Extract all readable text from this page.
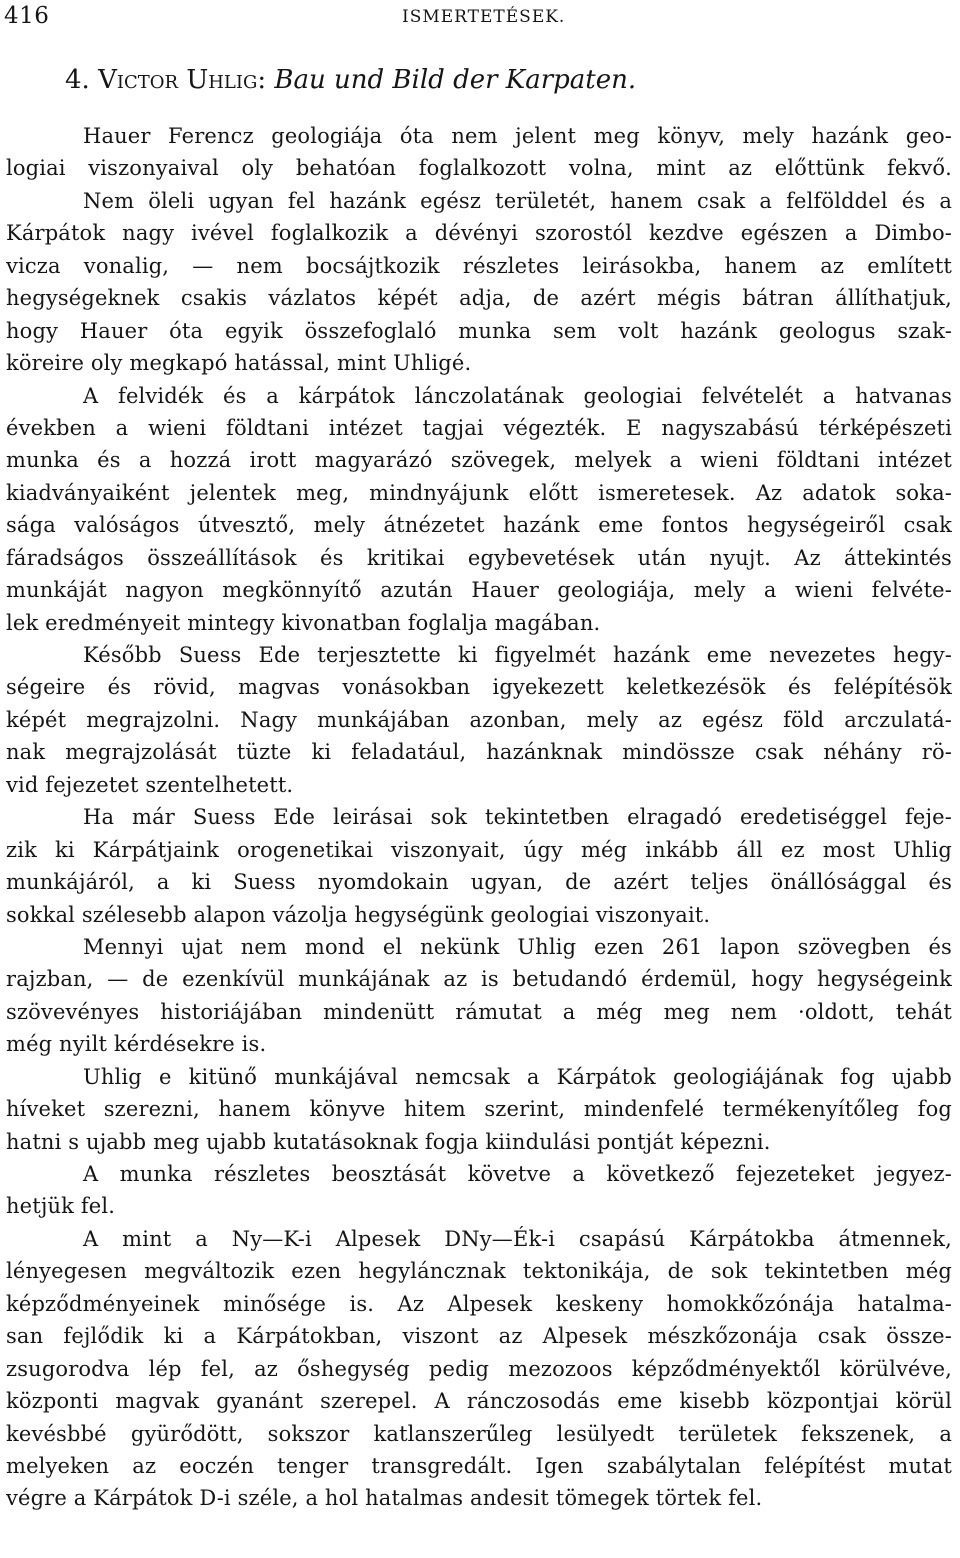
416	ISMERTETÉSEK.
4. Victor Uhlig: Bau und Bild der Karpaten.
Hauer Ferencz geologiája óta nem jelent meg könyv, mely hazánk geo-
logiai viszonyaival oly behatóan foglalkozott volna, mint az előttünk fekvő.
Nem öleli ugyan fel hazánk egész területét, hanem csak a felfölddel és a
Kárpátok nagy ivével foglalkozik a dévényi szorostól kezdve egészen a Dimbo-
vicza vonalig, — nem bocsájtkozik részletes leirásokba, hanem az említett
hegységeknek csakis vázlatos képét adja, de azért mégis bátran állíthatjuk,
hogy Hauer óta egyik összefoglaló munka sem volt hazánk geologus szak-
köreire oly megkapó hatással, mint Uhligé.
A felvidék és a kárpátok lánczolatának geologiai felvételét a hatvanas
években a wieni földtani intézet tagjai végezték. E nagyszabású térképészeti
munka és a hozzá irott magyarázó szövegek, melyek a wieni földtani intézet
kiadványaiként jelentek meg, mindnyájunk előtt ismeretesek. Az adatok soka-
sága valóságos útvesztő, mely átnézetet hazánk eme fontos hegységeiről csak
fáradságos összeállítások és kritikai egybevetések után nyujt. Az áttekintés
munkáját nagyon megkönnyítő azután Hauer geologiája, mely a wieni felvéte-
lek eredményeit mintegy kivonatban foglalja magában.
Később Suess Ede terjesztette ki figyelmét hazánk eme nevezetes hegy-
ségeire és rövid, magvas vonásokban igyekezett keletkezésök és felépítésök
képét megrajzolni. Nagy munkájában azonban, mely az egész föld arczulatá-
nak megrajzolását tüzte ki feladatául, hazánknak mindössze csak néhány rö-
vid fejezetet szentelhetett.
Ha már Suess Ede leirásai sok tekintetben elragadó eredetiséggel feje-
zik ki Kárpátjaink orogenetikai viszonyait, úgy még inkább áll ez most Uhlig
munkájáról, a ki Suess nyomdokain ugyan, de azért teljes önállósággal és
sokkal szélesebb alapon vázolja hegységünk geologiai viszonyait.
Mennyi ujat nem mond el nekünk Uhlig ezen 261 lapon szövegben és
rajzban, — de ezenkívül munkájának az is betudandó érdemül, hogy hegységeink
szövevényes historiájában mindenütt rámutat a még meg nem ·oldott, tehát
még nyilt kérdésekre is.
Uhlig e kitünő munkájával nemcsak a Kárpátok geologiájának fog ujabb
híveket szerezni, hanem könyve hitem szerint, mindenfelé termékenyítőleg fog
hatni s ujabb meg ujabb kutatásoknak fogja kiindulási pontját képezni.
A munka részletes beosztását követve a következő fejezeteket jegyez-
hetjük fel.
A mint a Ny—K-i Alpesek DNy—Ék-i csapású Kárpátokba átmennek,
lényegesen megváltozik ezen hegyláncznak tektonikája, de sok tekintetben még
képződményeinek minősége is. Az Alpesek keskeny homokkőzónája hatalma-
san fejlődik ki a Kárpátokban, viszont az Alpesek mészkőzonája csak össze-
zsugorodva lép fel, az őshegység pedig mezozoos képződményektől körülvéve,
központi magvak gyanánt szerepel. A ránczosodás eme kisebb központjai körül
kevésbbé gyürődött, sokszor katlanszerűleg lesülyedt területek fekszenek, a
melyeken az eoczén tenger transgredált. Igen szabálytalan felépítést mutat
végre a Kárpátok D-i széle, a hol hatalmas andesit tömegek törtek fel.
